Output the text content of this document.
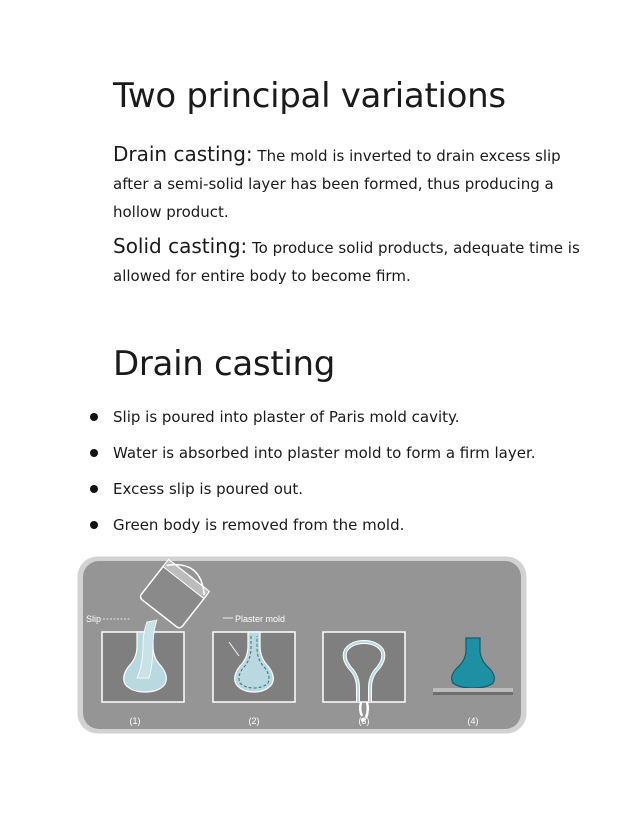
Two principal variations
Drain casting: The mold is inverted to drain excess slip after a semi-solid layer has been formed, thus producing a hollow product.
Solid casting: To produce solid products, adequate time is allowed for entire body to become firm.
Drain casting
Slip is poured into plaster of Paris mold cavity.
Water is absorbed into plaster mold to form a firm layer.
Excess slip is poured out.
Green body is removed from the mold.
Slip
(1)
Plaster mold
(2)	(3)	(4)
